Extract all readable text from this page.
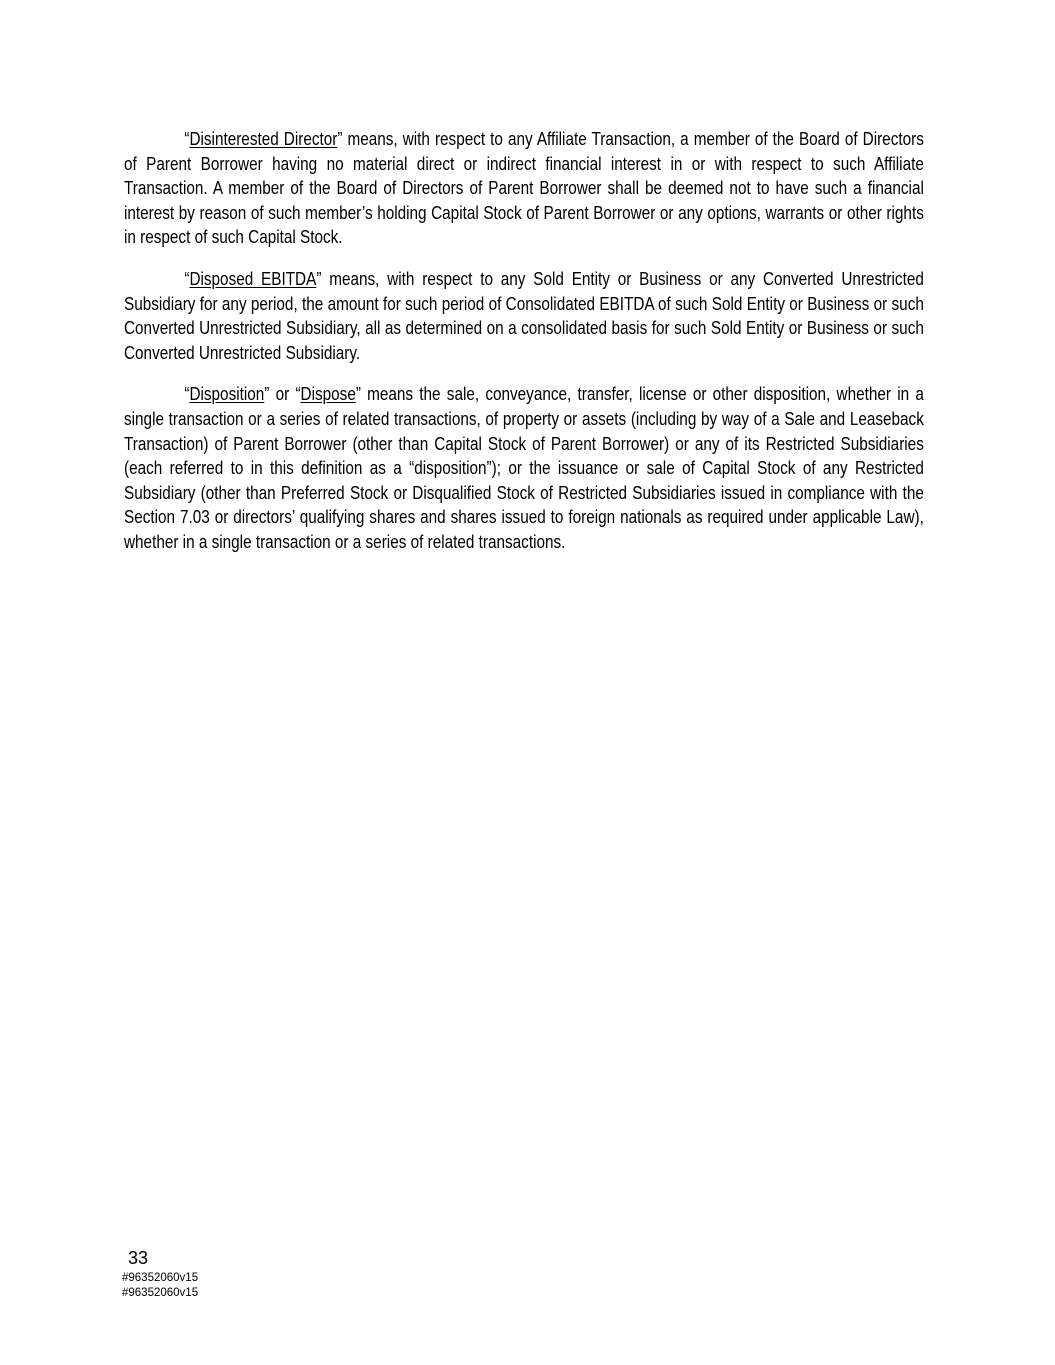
“Disinterested Director” means, with respect to any Affiliate Transaction, a member of the Board of Directors of Parent Borrower having no material direct or indirect financial interest in or with respect to such Affiliate Transaction. A member of the Board of Directors of Parent Borrower shall be deemed not to have such a financial interest by reason of such member’s holding Capital Stock of Parent Borrower or any options, warrants or other rights in respect of such Capital Stock.

“Disposed EBITDA” means, with respect to any Sold Entity or Business or any Converted Unrestricted Subsidiary for any period, the amount for such period of Consolidated EBITDA of such Sold Entity or Business or such Converted Unrestricted Subsidiary, all as determined on a consolidated basis for such Sold Entity or Business or such Converted Unrestricted Subsidiary.

“Disposition” or “Dispose” means the sale, conveyance, transfer, license or other disposition, whether in a single transaction or a series of related transactions, of property or assets (including by way of a Sale and Leaseback Transaction) of Parent Borrower (other than Capital Stock of Parent Borrower) or any of its Restricted Subsidiaries (each referred to in this definition as a “disposition”); or the issuance or sale of Capital Stock of any Restricted Subsidiary (other than Preferred Stock or Disqualified Stock of Restricted Subsidiaries issued in compliance with the Section 7.03 or directors’ qualifying shares and shares issued to foreign nationals as required under applicable Law), whether in a single transaction or a series of related transactions.

33
#96352060v15
#96352060v15
